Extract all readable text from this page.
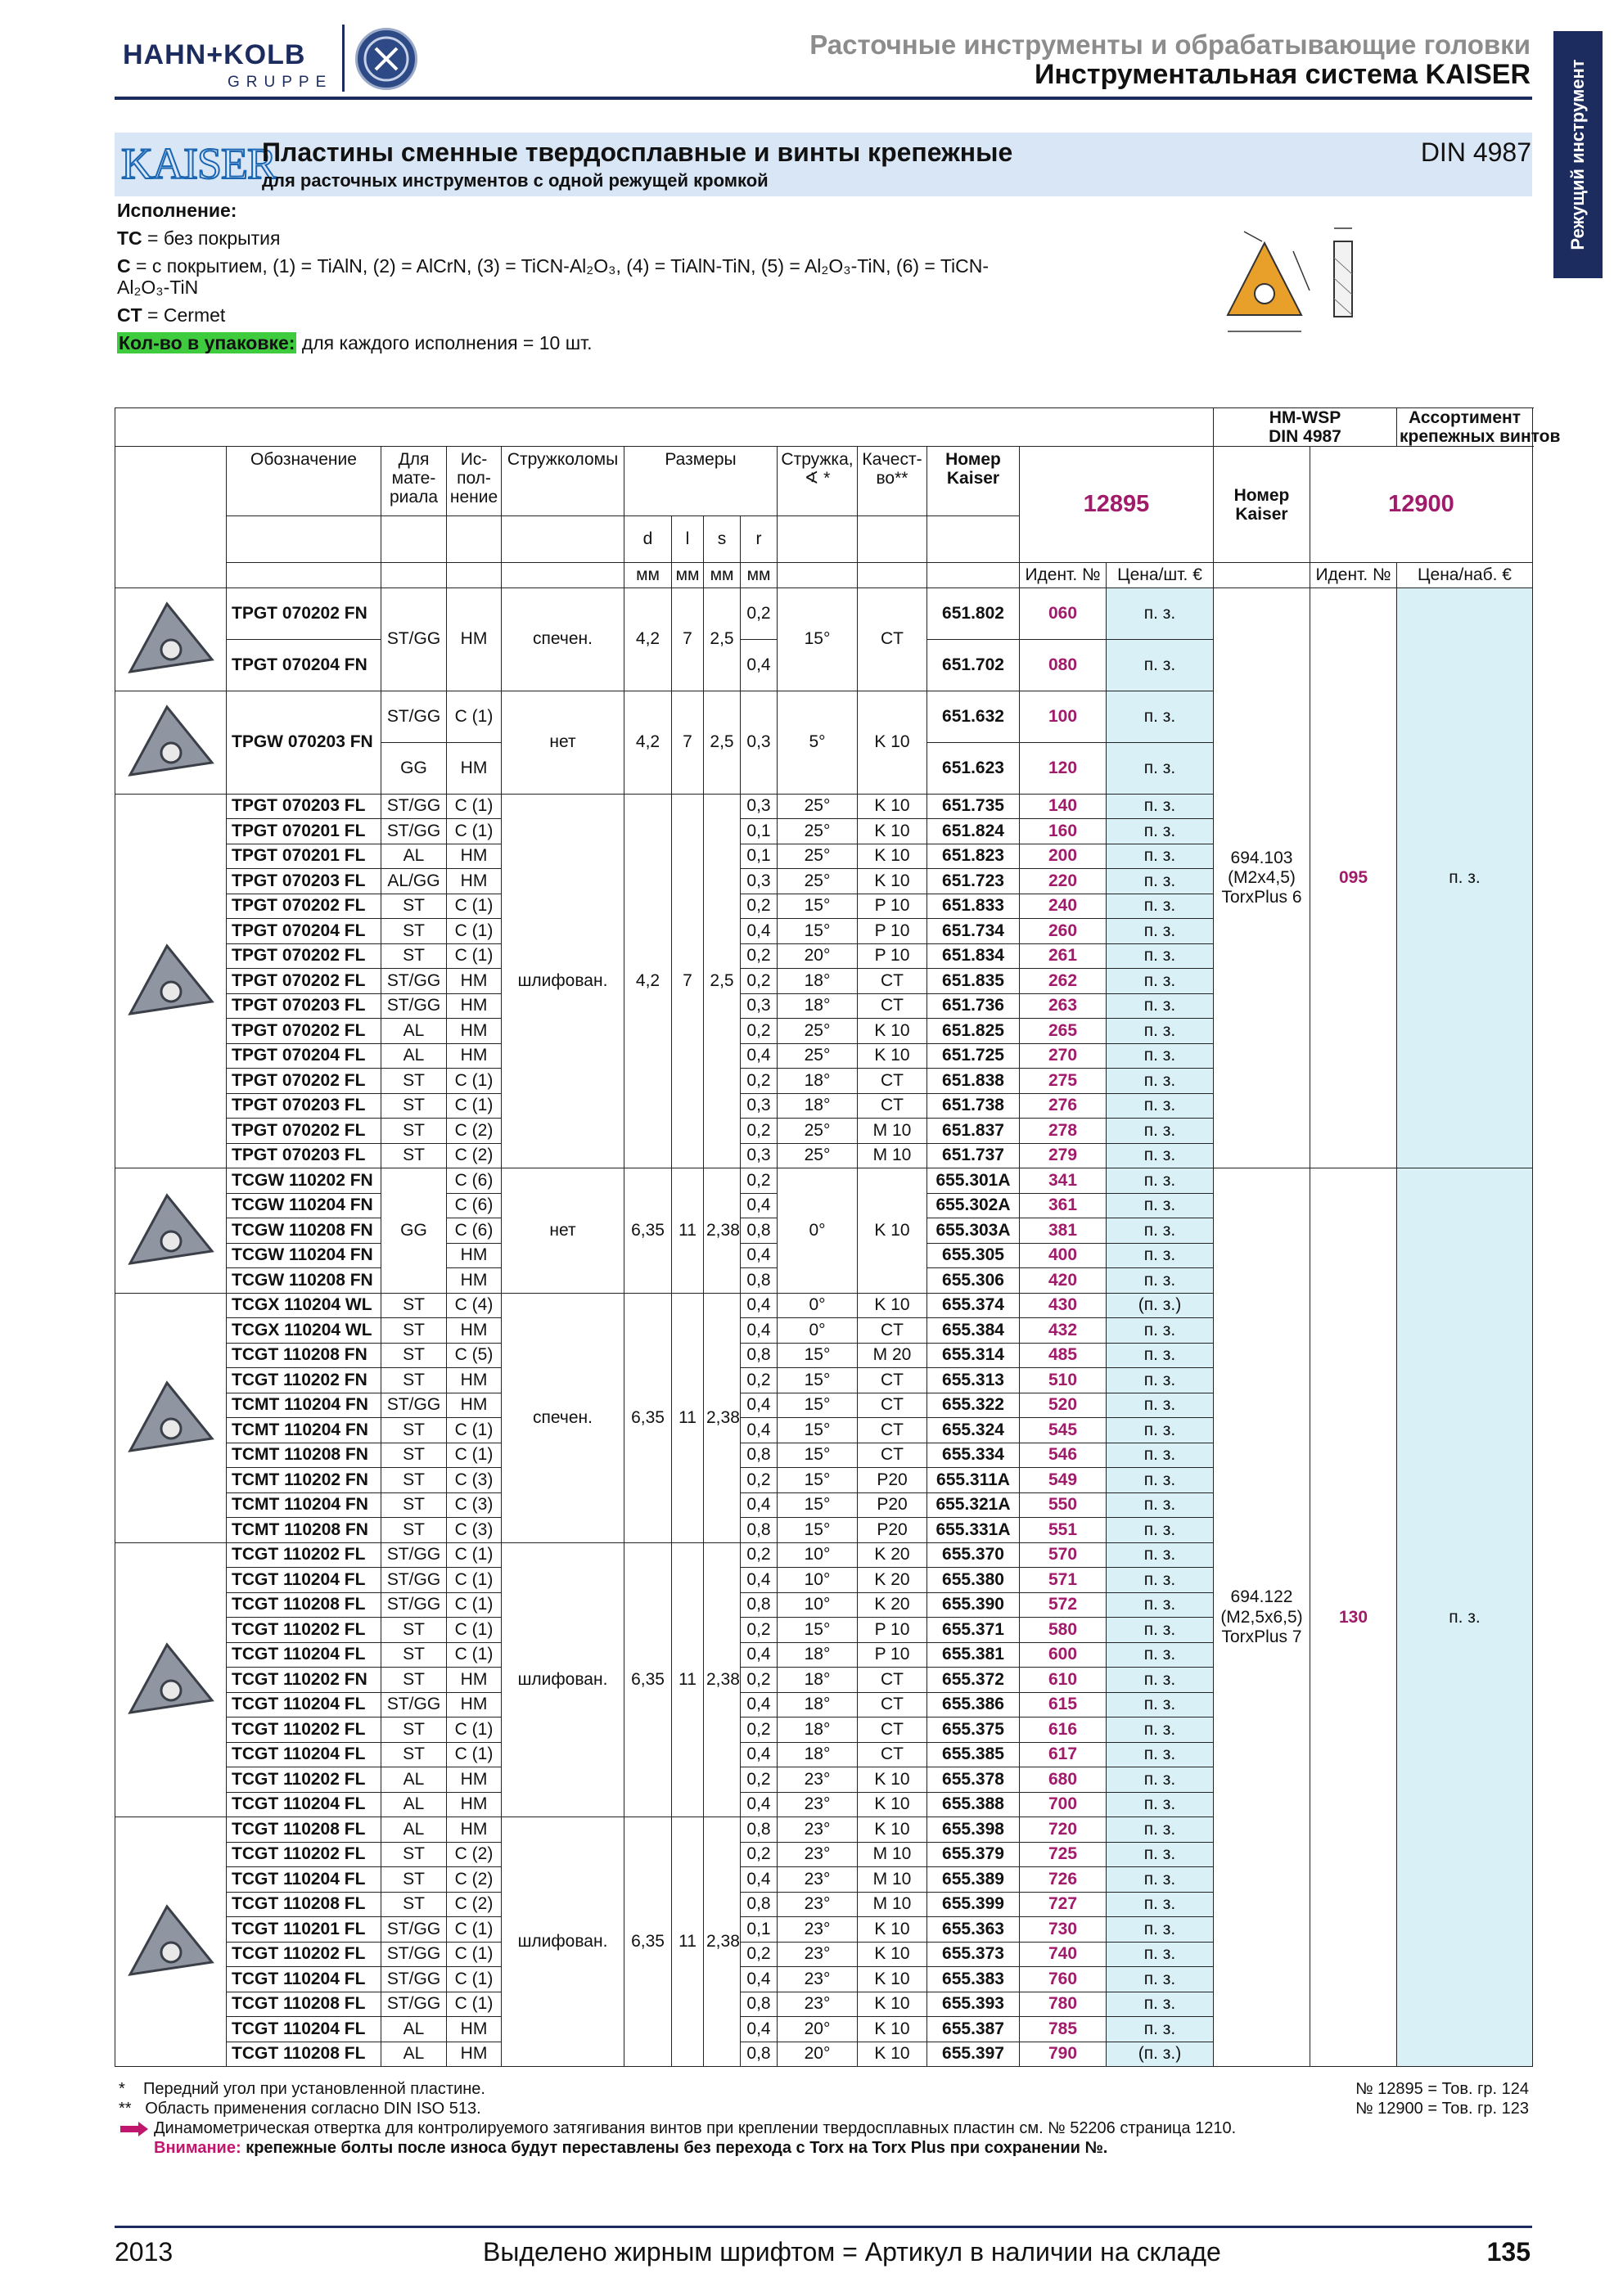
HAHN+KOLB
GRUPPE
Расточные инструменты и обрабатывающие головки
Инструментальная система KAISER Режущий инструмент
KAISER
Пластины сменные твердосплавные и винты крепежные
для расточных инструментов с одной режущей кромкой
DIN 4987
Исполнение:
TC = без покрытия
C = с покрытием, (1) = TiAlN, (2) = AlCrN, (3) = TiCN-Al₂O₃, (4) = TiAlN-TiN, (5) = Al₂O₃-TiN, (6) = TiCN-
Al₂O₃-TiN
CT = Cermet
Кол-во в упаковке: для каждого исполнения = 10 шт.
														HM-WSP
DIN 4987		Ассортимент
крепежных винтов
	Обозначение	Для
мате-
риала	Ис-
пол-
нение	Стружколомы	Размеры				Стружка,
∢ *	Качест-
во**	Номер
Kaiser	12895		Номер
Kaiser	12900	
					d	l	s	r								
					мм	мм	мм	мм				Идент. №	Цена/шт. €		Идент. №	Цена/наб. €

	TPGT 070202 FN	ST/GG	HM	спечен.	4,2	7	2,5	0,2	15°	CT	651.802	060	п. з.	694.103
(M2x4,5)
TorxPlus 6	095	п. з.
	TPGT 070204 FN							0,4			651.702	080	п. з.			

	TPGW 070203 FN	ST/GG	C (1)	нет	4,2	7	2,5	0,3	5°	K 10	651.632	100	п. з.			
		GG	HM								651.623	120	п. з.			

	TPGT 070203 FL	ST/GG	C (1)	шлифован.	4,2	7	2,5	0,3	25°	K 10	651.735	140	п. з.			
	TPGT 070201 FL	ST/GG	C (1)					0,1	25°	K 10	651.824	160	п. з.			
	TPGT 070201 FL	AL	HM					0,1	25°	K 10	651.823	200	п. з.			
	TPGT 070203 FL	AL/GG	HM					0,3	25°	K 10	651.723	220	п. з.			
	TPGT 070202 FL	ST	C (1)					0,2	15°	P 10	651.833	240	п. з.			
	TPGT 070204 FL	ST	C (1)					0,4	15°	P 10	651.734	260	п. з.			
	TPGT 070202 FL	ST	C (1)					0,2	20°	P 10	651.834	261	п. з.			
	TPGT 070202 FL	ST/GG	HM					0,2	18°	CT	651.835	262	п. з.			
	TPGT 070203 FL	ST/GG	HM					0,3	18°	CT	651.736	263	п. з.			
	TPGT 070202 FL	AL	HM					0,2	25°	K 10	651.825	265	п. з.			
	TPGT 070204 FL	AL	HM					0,4	25°	K 10	651.725	270	п. з.			
	TPGT 070202 FL	ST	C (1)					0,2	18°	CT	651.838	275	п. з.			
	TPGT 070203 FL	ST	C (1)					0,3	18°	CT	651.738	276	п. з.			
	TPGT 070202 FL	ST	C (2)					0,2	25°	M 10	651.837	278	п. з.			
	TPGT 070203 FL	ST	C (2)					0,3	25°	M 10	651.737	279	п. з.			

	TCGW 110202 FN	GG	C (6)	нет	6,35	11	2,38	0,2	0°	K 10	655.301A	341	п. з.	694.122
(M2,5x6,5)
TorxPlus 7	130	п. з.
	TCGW 110204 FN		C (6)					0,4			655.302A	361	п. з.			
	TCGW 110208 FN		C (6)					0,8			655.303A	381	п. з.			
	TCGW 110204 FN		HM					0,4			655.305	400	п. з.			
	TCGW 110208 FN		HM					0,8			655.306	420	п. з.			

	TCGX 110204 WL	ST	C (4)	спечен.	6,35	11	2,38	0,4	0°	K 10	655.374	430	(п. з.)			
	TCGX 110204 WL	ST	HM					0,4	0°	CT	655.384	432	п. з.			
	TCGT 110208 FN	ST	C (5)					0,8	15°	M 20	655.314	485	п. з.			
	TCGT 110202 FN	ST	HM					0,2	15°	CT	655.313	510	п. з.			
	TCMT 110204 FN	ST/GG	HM					0,4	15°	CT	655.322	520	п. з.			
	TCMT 110204 FN	ST	C (1)					0,4	15°	CT	655.324	545	п. з.			
	TCMT 110208 FN	ST	C (1)					0,8	15°	CT	655.334	546	п. з.			
	TCMT 110202 FN	ST	C (3)					0,2	15°	P20	655.311A	549	п. з.			
	TCMT 110204 FN	ST	C (3)					0,4	15°	P20	655.321A	550	п. з.			
	TCMT 110208 FN	ST	C (3)					0,8	15°	P20	655.331A	551	п. з.			

	TCGT 110202 FL	ST/GG	C (1)	шлифован.	6,35	11	2,38	0,2	10°	K 20	655.370	570	п. з.			
	TCGT 110204 FL	ST/GG	C (1)					0,4	10°	K 20	655.380	571	п. з.			
	TCGT 110208 FL	ST/GG	C (1)					0,8	10°	K 20	655.390	572	п. з.			
	TCGT 110202 FL	ST	C (1)					0,2	15°	P 10	655.371	580	п. з.			
	TCGT 110204 FL	ST	C (1)					0,4	18°	P 10	655.381	600	п. з.			
	TCGT 110202 FN	ST	HM					0,2	18°	CT	655.372	610	п. з.			
	TCGT 110204 FL	ST/GG	HM					0,4	18°	CT	655.386	615	п. з.			
	TCGT 110202 FL	ST	C (1)					0,2	18°	CT	655.375	616	п. з.			
	TCGT 110204 FL	ST	C (1)					0,4	18°	CT	655.385	617	п. з.			
	TCGT 110202 FL	AL	HM					0,2	23°	K 10	655.378	680	п. з.			
	TCGT 110204 FL	AL	HM					0,4	23°	K 10	655.388	700	п. з.			

	TCGT 110208 FL	AL	HM	шлифован.	6,35	11	2,38	0,8	23°	K 10	655.398	720	п. з.			
	TCGT 110202 FL	ST	C (2)					0,2	23°	M 10	655.379	725	п. з.			
	TCGT 110204 FL	ST	C (2)					0,4	23°	M 10	655.389	726	п. з.			
	TCGT 110208 FL	ST	C (2)					0,8	23°	M 10	655.399	727	п. з.			
	TCGT 110201 FL	ST/GG	C (1)					0,1	23°	K 10	655.363	730	п. з.			
	TCGT 110202 FL	ST/GG	C (1)					0,2	23°	K 10	655.373	740	п. з.			
	TCGT 110204 FL	ST/GG	C (1)					0,4	23°	K 10	655.383	760	п. з.			
	TCGT 110208 FL	ST/GG	C (1)					0,8	23°	K 10	655.393	780	п. з.			
	TCGT 110204 FL	AL	HM					0,4	20°	K 10	655.387	785	п. з.			
	TCGT 110208 FL	AL	HM					0,8	20°	K 10	655.397	790	(п. з.)			
* Передний угол при установленной пластине.
** Область применения согласно DIN ISO 513.
Динамометрическая отвертка для контролируемого затягивания винтов при креплении твердосплавных пластин см. № 52206 страница 1210.
Внимание: крепежные болты после износа будут переставлены без перехода с Torx на Torx Plus при сохранении №.
№ 12895 = Тов. гр. 124
№ 12900 = Тов. гр. 123
2013	Выделено жирным шрифтом = Артикул в наличии на складе	135
